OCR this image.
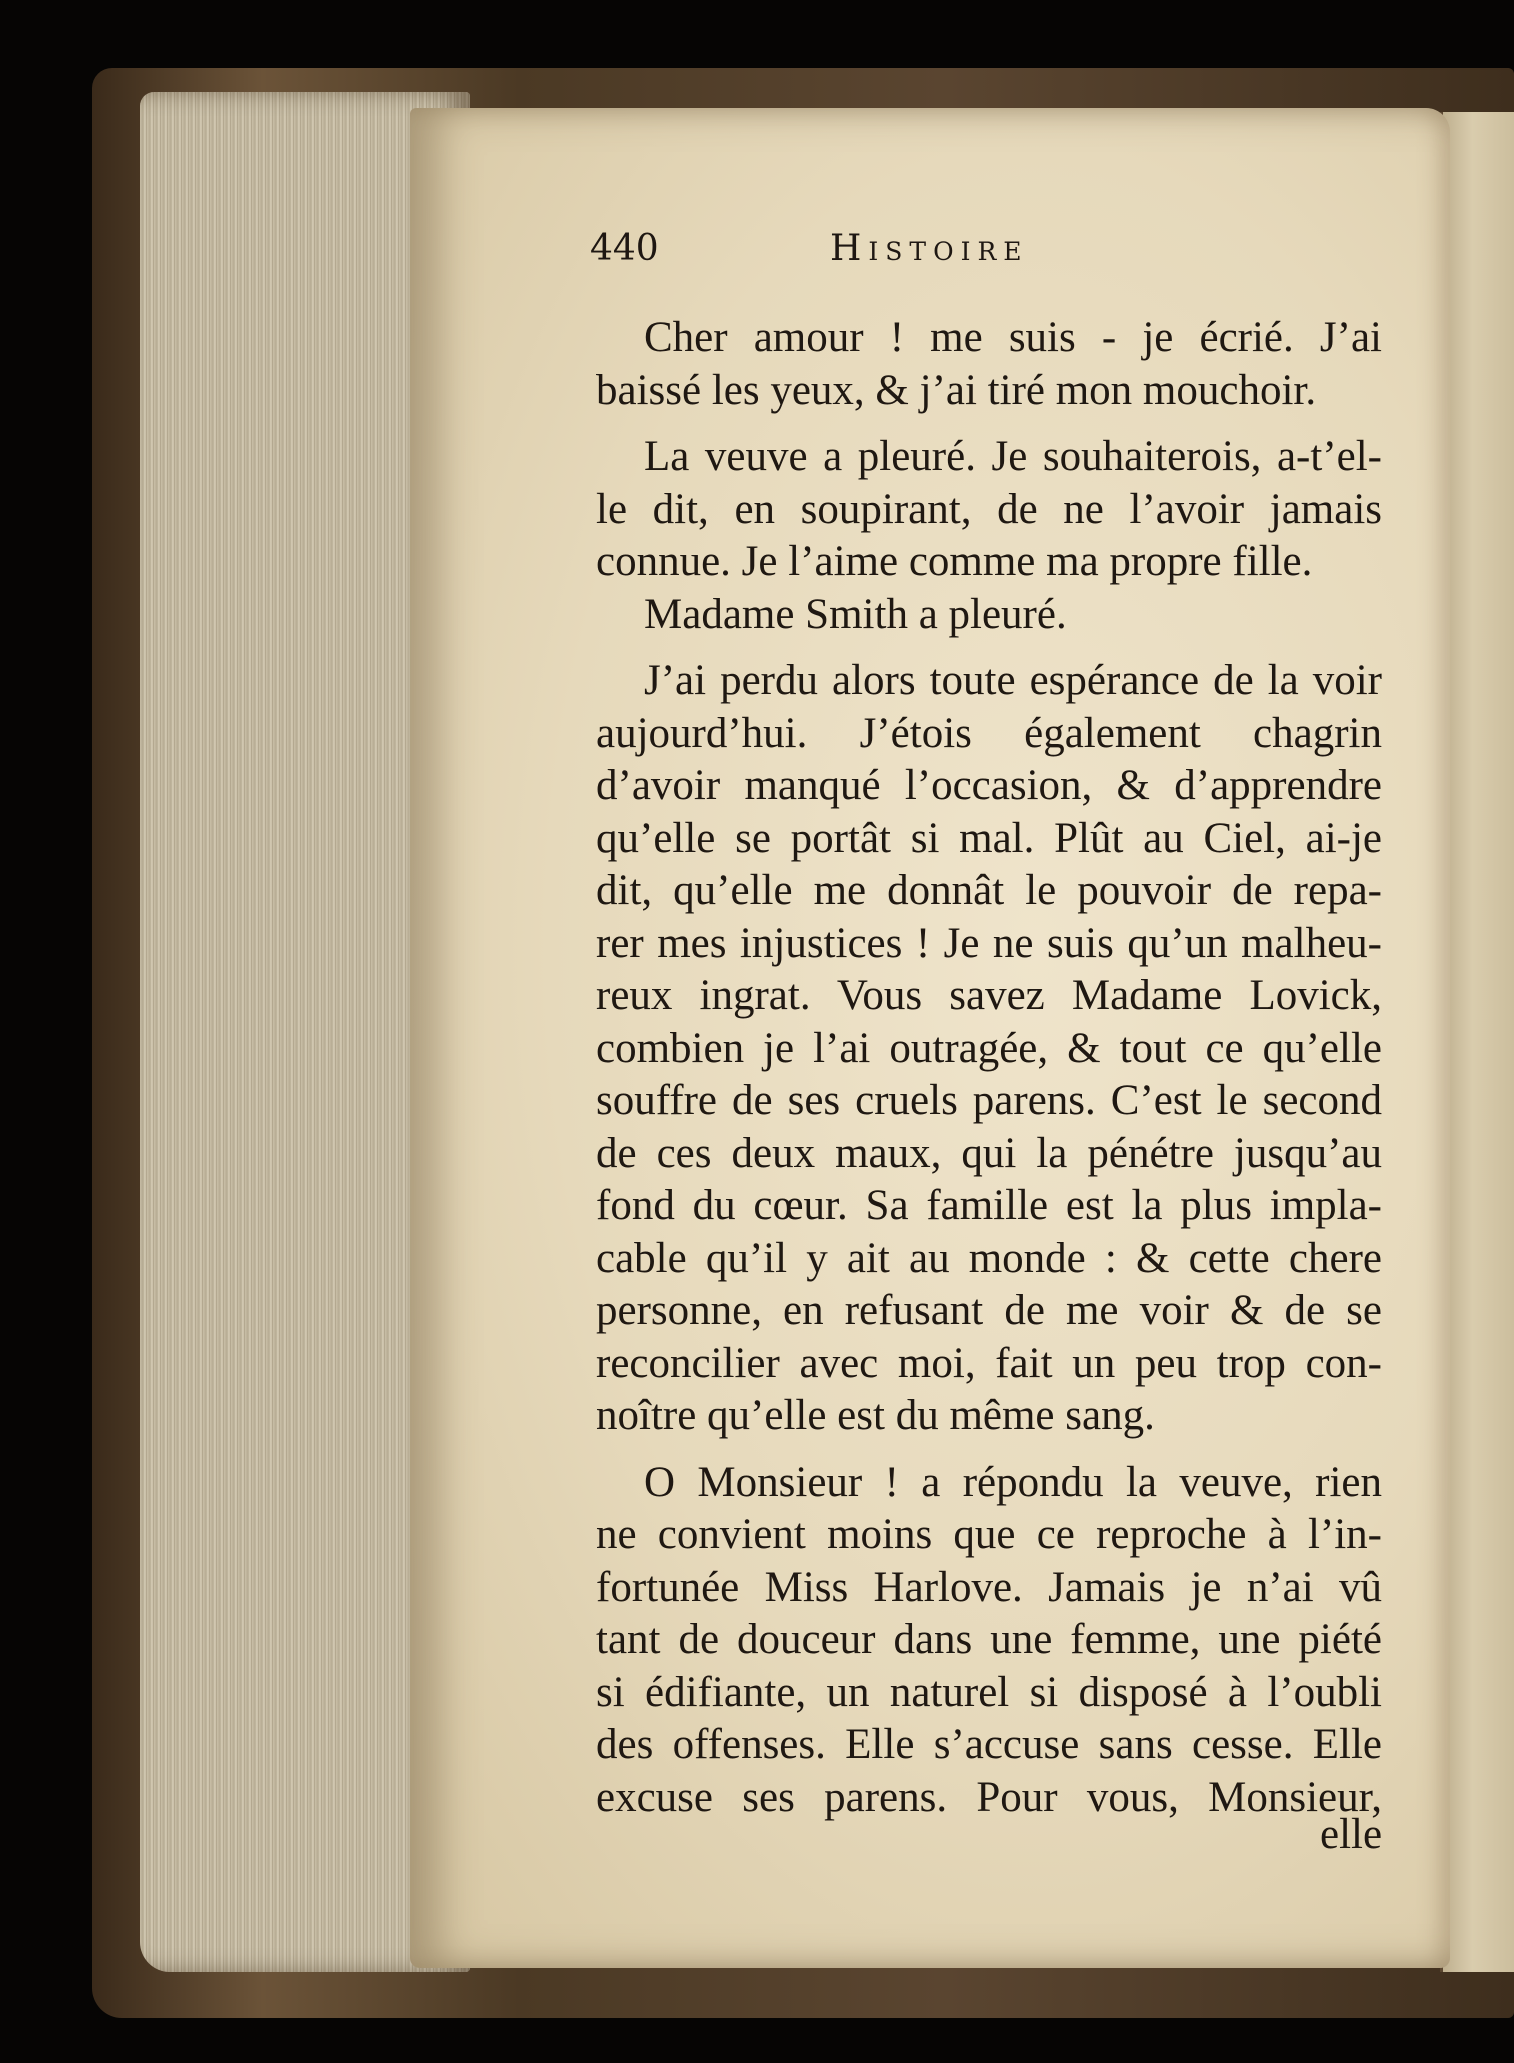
440	Histoire
Cher amour ! me suis - je écrié. J’ai
baissé les yeux, & j’ai tiré mon mouchoir.
La veuve a pleuré. Je souhaiterois, a-t’el-
le dit, en soupirant, de ne l’avoir jamais
connue. Je l’aime comme ma propre fille.
Madame Smith a pleuré.
J’ai perdu alors toute espérance de la voir
aujourd’hui. J’étois également chagrin
d’avoir manqué l’occasion, & d’apprendre
qu’elle se portât si mal. Plût au Ciel, ai-je
dit, qu’elle me donnât le pouvoir de repa-
rer mes injustices ! Je ne suis qu’un malheu-
reux ingrat. Vous savez Madame Lovick,
combien je l’ai outragée, & tout ce qu’elle
souffre de ses cruels parens. C’est le second
de ces deux maux, qui la pénétre jusqu’au
fond du cœur. Sa famille est la plus impla-
cable qu’il y ait au monde : & cette chere
personne, en refusant de me voir & de se
reconcilier avec moi, fait un peu trop con-
noître qu’elle est du même sang.
O Monsieur ! a répondu la veuve, rien
ne convient moins que ce reproche à l’in-
fortunée Miss Harlove. Jamais je n’ai vû
tant de douceur dans une femme, une piété
si édifiante, un naturel si disposé à l’oubli
des offenses. Elle s’accuse sans cesse. Elle
excuse ses parens. Pour vous, Monsieur,
elle
